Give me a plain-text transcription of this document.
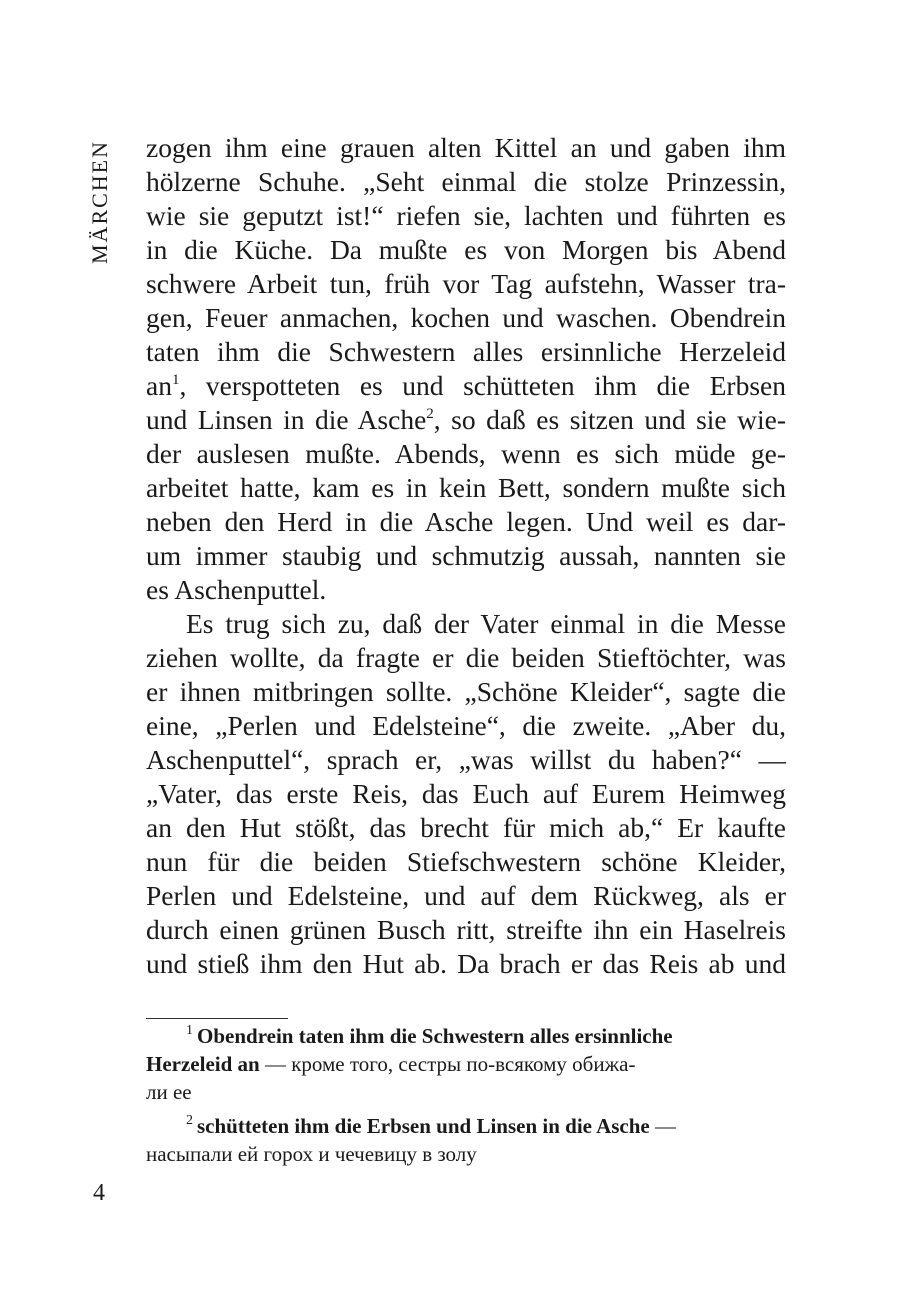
MÄRCHEN zogen ihm eine grauen alten Kittel an und gaben ihm
hölzerne Schuhe. „Seht einmal die stolze Prinzessin,
wie sie geputzt ist!“ riefen sie, lachten und führten es
in die Küche. Da mußte es von Morgen bis Abend
schwere Arbeit tun, früh vor Tag aufstehn, Wasser tra-
gen, Feuer anmachen, kochen und waschen. Obendrein
taten ihm die Schwestern alles ersinnliche Herzeleid
an$^1$, verspotteten es und schütteten ihm die Erbsen
und Linsen in die Asche$^2$, so daß es sitzen und sie wie-
der auslesen mußte. Abends, wenn es sich müde ge-
arbeitet hatte, kam es in kein Bett, sondern mußte sich
neben den Herd in die Asche legen. Und weil es dar-
um immer staubig und schmutzig aussah, nannten sie
es Aschenputtel.
Es trug sich zu, daß der Vater einmal in die Messe
ziehen wollte, da fragte er die beiden Stieftöchter, was
er ihnen mitbringen sollte. „Schöne Kleider“, sagte die
eine, „Perlen und Edelsteine“, die zweite. „Aber du,
Aschenputtel“, sprach er, „was willst du haben?“ —
„Vater, das erste Reis, das Euch auf Eurem Heimweg
an den Hut stößt, das brecht für mich ab,“ Er kaufte
nun für die beiden Stiefschwestern schöne Kleider,
Perlen und Edelsteine, und auf dem Rückweg, als er
durch einen grünen Busch ritt, streifte ihn ein Haselreis
und stieß ihm den Hut ab. Da brach er das Reis ab und
$^1$ Obendrein taten ihm die Schwestern alles ersinnliche
Herzeleid an — кроме того, сестры по-всякому обижа-
ли ее
$^2$ schütteten ihm die Erbsen und Linsen in die Asche —
насыпали ей горох и чечевицу в золу
4
